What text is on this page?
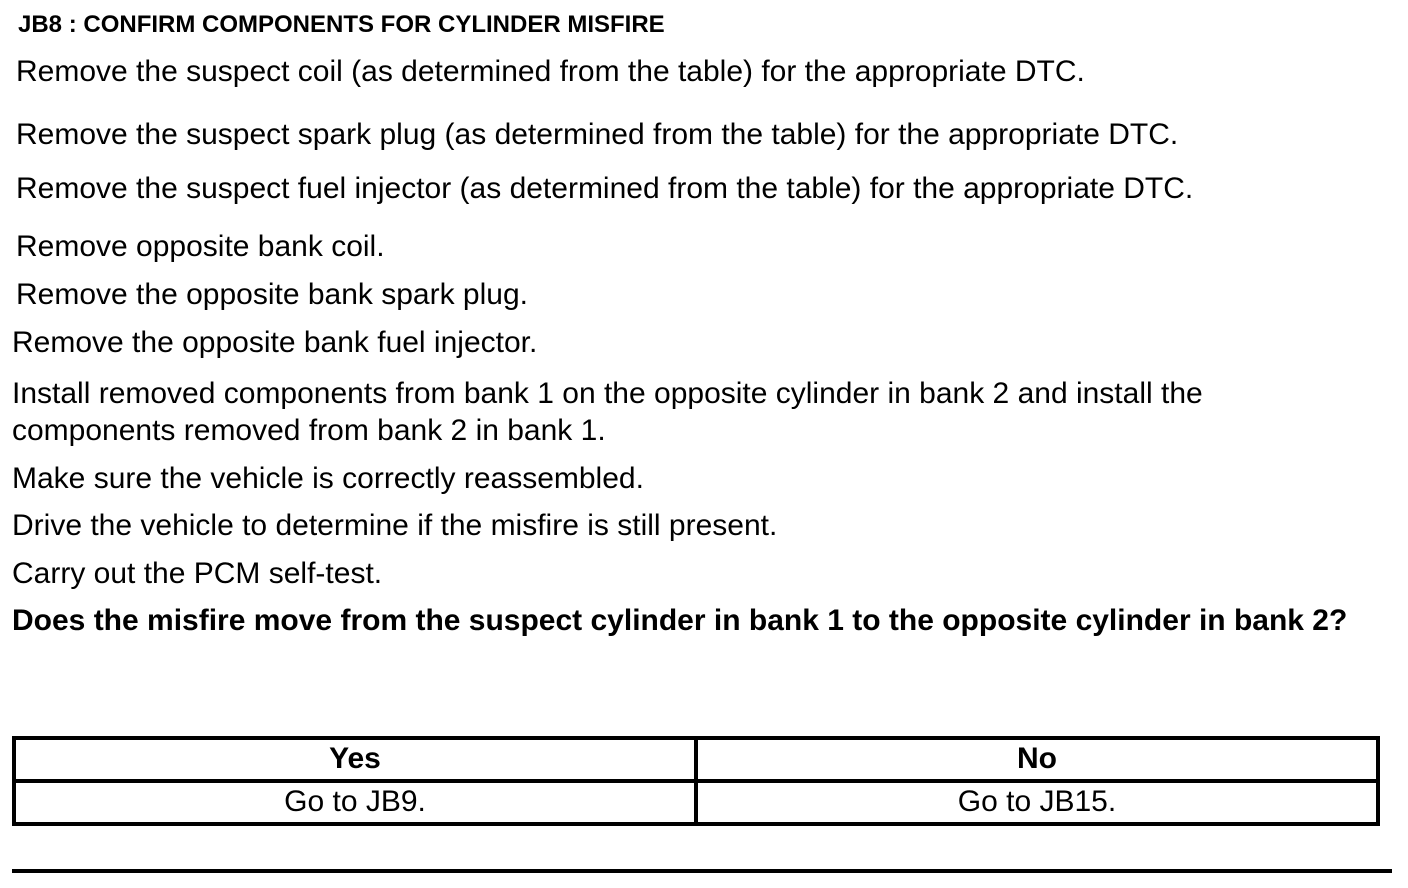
JB8 : CONFIRM COMPONENTS FOR CYLINDER MISFIRE
Remove the suspect coil (as determined from the table) for the appropriate DTC.
Remove the suspect spark plug (as determined from the table) for the appropriate DTC.
Remove the suspect fuel injector (as determined from the table) for the appropriate DTC.
Remove opposite bank coil.
Remove the opposite bank spark plug.
Remove the opposite bank fuel injector.
Install removed components from bank 1 on the opposite cylinder in bank 2 and install the components removed from bank 2 in bank 1.
Make sure the vehicle is correctly reassembled.
Drive the vehicle to determine if the misfire is still present.
Carry out the PCM self-test.
Does the misfire move from the suspect cylinder in bank 1 to the opposite cylinder in bank 2?
Yes	No
Go to JB9.	Go to JB15.
